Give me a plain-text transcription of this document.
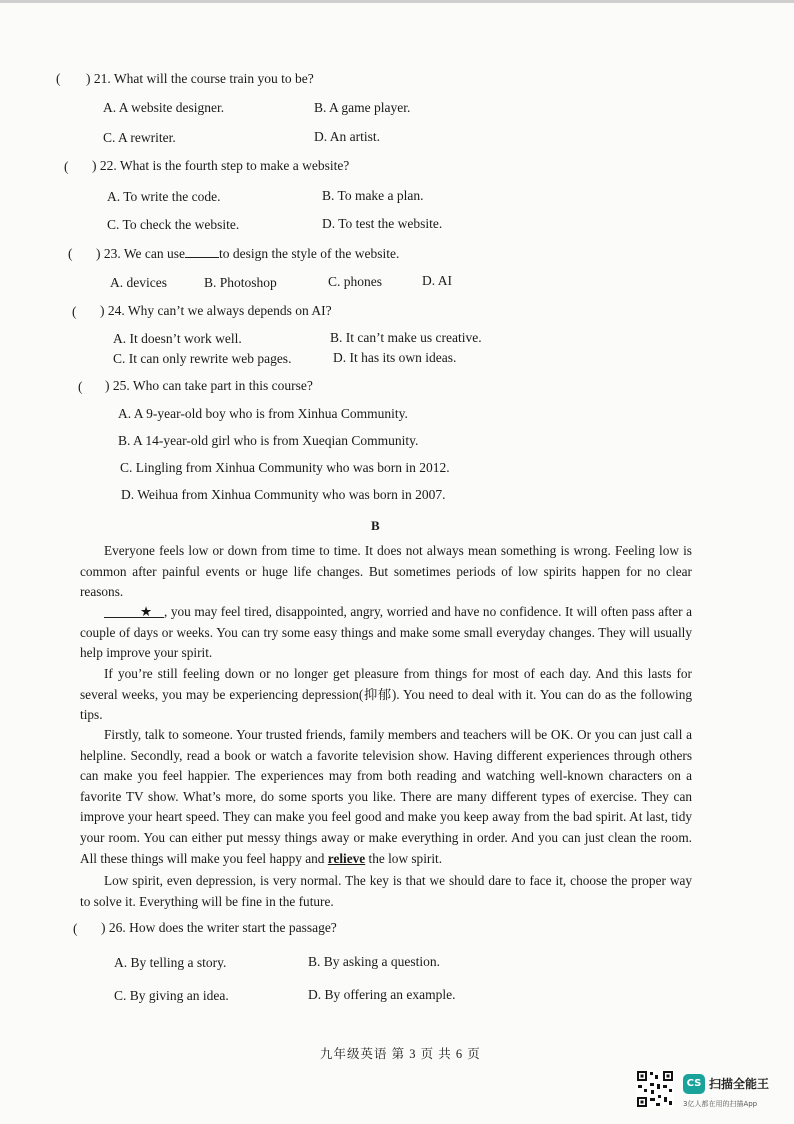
( ) 21. What will the course train you to be?
A. A website designer.	B. A game player.
C. A rewriter.	D. An artist.
( ) 22. What is the fourth step to make a website?
A. To write the code.	B. To make a plan.
C. To check the website.	D. To test the website.
( ) 23. We can use	to design the style of the website.
A. devices	B. Photoshop	C. phones	D. AI
( ) 24. Why can’t we always depends on AI?
A. It doesn’t work well.	B. It can’t make us creative.
C. It can only rewrite web pages.	D. It has its own ideas.
( ) 25. Who can take part in this course?
A. A 9-year-old boy who is from Xinhua Community.
B. A 14-year-old girl who is from Xueqian Community.
C. Lingling from Xinhua Community who was born in 2012.
D. Weihua from Xinhua Community who was born in 2007.
B
Everyone feels low or down from time to time. It does not always mean something is wrong. Feeling low is common after painful events or huge life changes. But sometimes periods of low spirits happen for no clear reasons.
★ , you may feel tired, disappointed, angry, worried and have no confidence. It will often pass after a couple of days or weeks. You can try some easy things and make some small everyday changes. They will usually help improve your spirit.
If you’re still feeling down or no longer get pleasure from things for most of each day. And this lasts for several weeks, you may be experiencing depression(抑郁). You need to deal with it. You can do as the following tips.
Firstly, talk to someone. Your trusted friends, family members and teachers will be OK. Or you can just call a helpline. Secondly, read a book or watch a favorite television show. Having different experiences through others can make you feel happier. The experiences may from both reading and watching well-known characters on a favorite TV show. What’s more, do some sports you like. There are many different types of exercise. They can improve your heart speed. They can make you feel good and make you keep away from the bad spirit. At last, tidy your room. You can either put messy things away or make everything in order. And you can just clean the room. All these things will make you feel happy and relieve the low spirit.
Low spirit, even depression, is very normal. The key is that we should dare to face it, choose the proper way to solve it. Everything will be fine in the future.
( ) 26. How does the writer start the passage?
A. By telling a story.	B. By asking a question.
C. By giving an idea.	D. By offering an example.
九年级英语 第 3 页 共 6 页
CS 扫描全能王
3亿人都在用的扫描App
